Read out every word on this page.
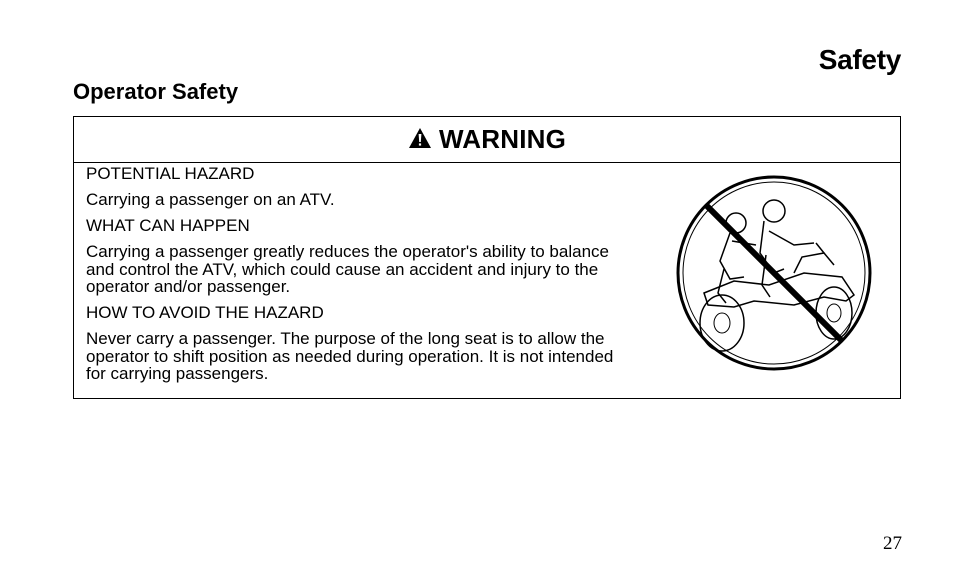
Safety
Operator Safety
WARNING

POTENTIAL HAZARD

Carrying a passenger on an ATV.

WHAT CAN HAPPEN

Carrying a passenger greatly reduces the operator's ability to balance and control the ATV, which could cause an accident and injury to the operator and/or passenger.

HOW TO AVOID THE HAZARD

Never carry a passenger. The purpose of the long seat is to allow the operator to shift position as needed during operation. It is not intended for carrying passengers.

27
